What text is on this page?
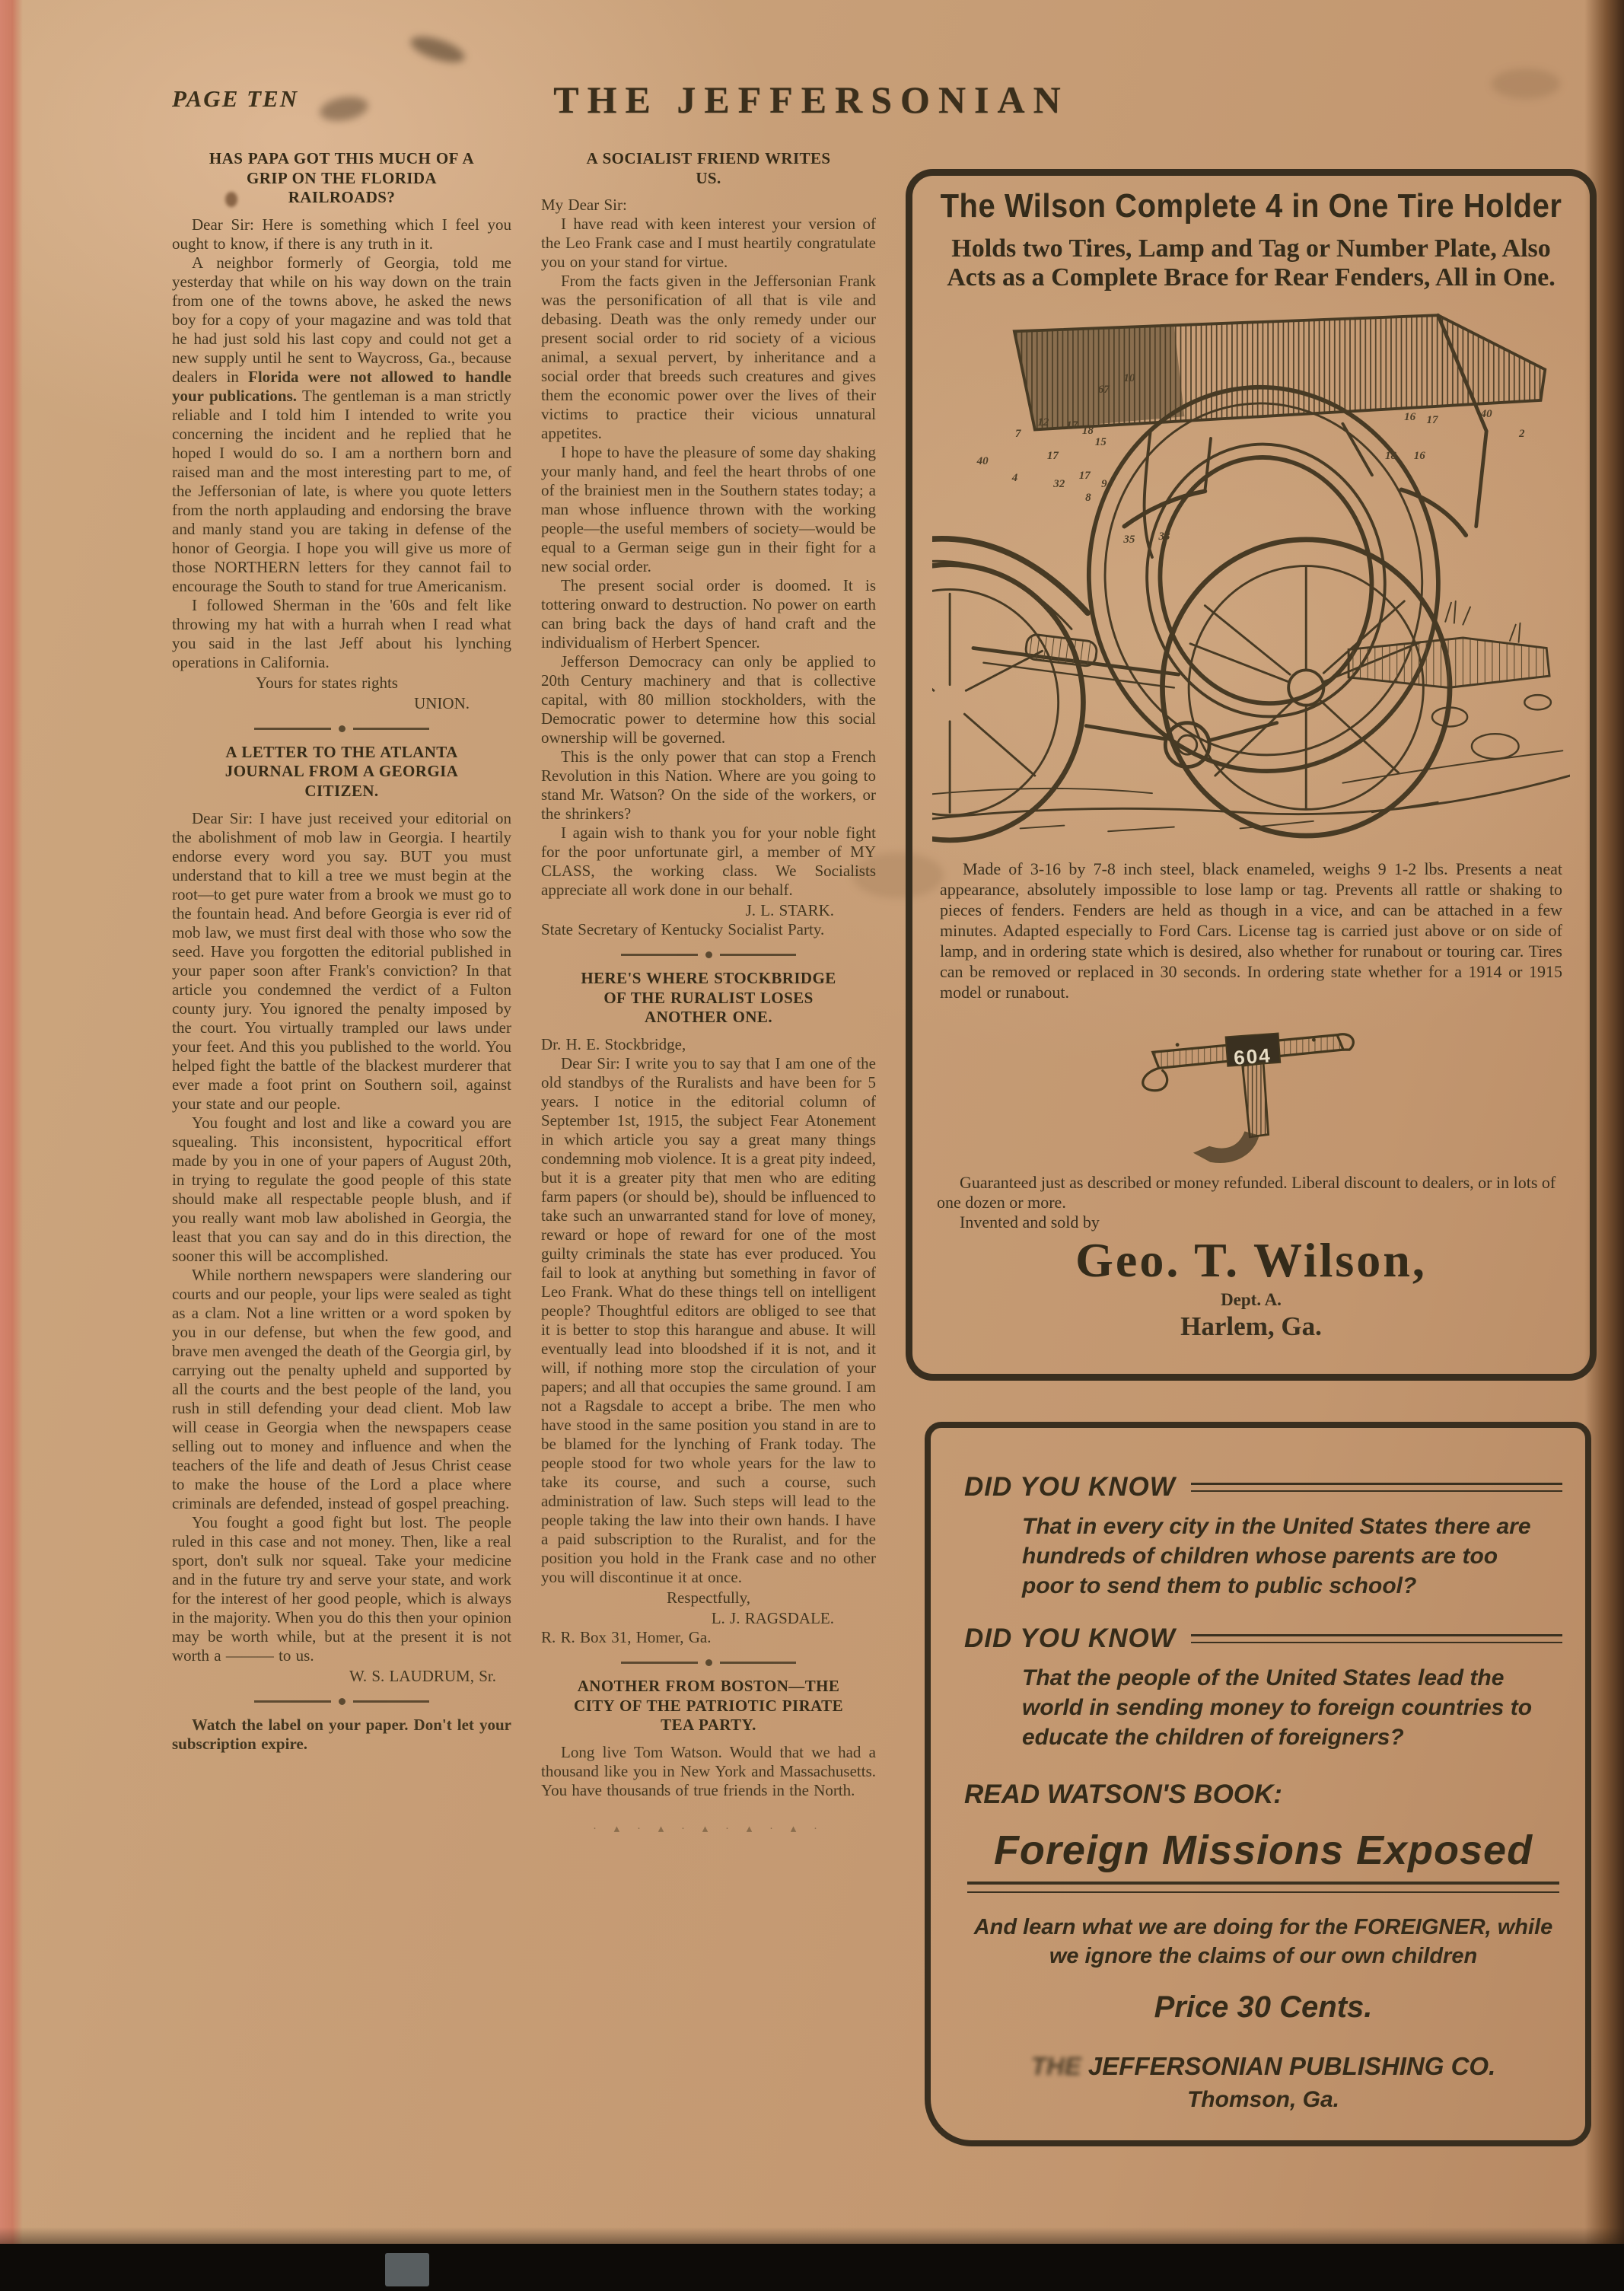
PAGE TEN	THE JEFFERSONIAN
HAS PAPA GOT THIS MUCH OF A GRIP ON THE FLORIDA RAILROADS?

Dear Sir: Here is something which I feel you ought to know, if there is any truth in it.

A neighbor formerly of Georgia, told me yesterday that while on his way down on the train from one of the towns above, he asked the news boy for a copy of your magazine and was told that he had just sold his last copy and could not get a new supply until he sent to Waycross, Ga., because dealers in Florida were not allowed to handle your publications. The gentleman is a man strictly reliable and I told him I intended to write you concerning the incident and he replied that he hoped I would do so. I am a northern born and raised man and the most interesting part to me, of the Jeffersonian of late, is where you quote letters from the north applauding and endorsing the brave and manly stand you are taking in defense of the honor of Georgia. I hope you will give us more of those NORTHERN letters for they cannot fail to encourage the South to stand for true Americanism.

I followed Sherman in the '60s and felt like throwing my hat with a hurrah when I read what you said in the last Jeff about his lynching operations in California.

Yours for states rights

UNION.

A LETTER TO THE ATLANTA JOURNAL FROM A GEORGIA CITIZEN.

Dear Sir: I have just received your editorial on the abolishment of mob law in Georgia. I heartily endorse every word you say. BUT you must understand that to kill a tree we must begin at the root—to get pure water from a brook we must go to the fountain head. And before Georgia is ever rid of mob law, we must first deal with those who sow the seed. Have you forgotten the editorial published in your paper soon after Frank's conviction? In that article you condemned the verdict of a Fulton county jury. You ignored the penalty imposed by the court. You virtually trampled our laws under your feet. And this you published to the world. You helped fight the battle of the blackest murderer that ever made a foot print on Southern soil, against your state and our people.

You fought and lost and like a coward you are squealing. This inconsistent, hypocritical effort made by you in one of your papers of August 20th, in trying to regulate the good people of this state should make all respectable people blush, and if you really want mob law abolished in Georgia, the least that you can say and do in this direction, the sooner this will be accomplished.

While northern newspapers were slandering our courts and our people, your lips were sealed as tight as a clam. Not a line written or a word spoken by you in our defense, but when the few good, and brave men avenged the death of the Georgia girl, by carrying out the penalty upheld and supported by all the courts and the best people of the land, you rush in still defending your dead client. Mob law will cease in Georgia when the newspapers cease selling out to money and influence and when the teachers of the life and death of Jesus Christ cease to make the house of the Lord a place where criminals are defended, instead of gospel preaching.

You fought a good fight but lost. The people ruled in this case and not money. Then, like a real sport, don't sulk nor squeal. Take your medicine and in the future try and serve your state, and work for the interest of her good people, which is always in the majority. When you do this then your opinion may be worth while, but at the present it is not worth a ——— to us.

W. S. LAUDRUM, Sr.

Watch the label on your paper. Don't let your subscription expire.

A SOCIALIST FRIEND WRITES US.

My Dear Sir:

I have read with keen interest your version of the Leo Frank case and I must heartily congratulate you on your stand for virtue.

From the facts given in the Jeffersonian Frank was the personification of all that is vile and debasing. Death was the only remedy under our present social order to rid society of a vicious animal, a sexual pervert, by inheritance and a social order that breeds such creatures and gives them the economic power over the lives of their victims to practice their vicious unnatural appetites.

I hope to have the pleasure of some day shaking your manly hand, and feel the heart throbs of one of the brainiest men in the Southern states today; a man whose influence thrown with the working people—the useful members of society—would be equal to a German seige gun in their fight for a new social order.

The present social order is doomed. It is tottering onward to destruction. No power on earth can bring back the days of hand craft and the individualism of Herbert Spencer.

Jefferson Democracy can only be applied to 20th Century machinery and that is collective capital, with 80 million stockholders, with the Democratic power to determine how this social ownership will be governed.

This is the only power that can stop a French Revolution in this Nation. Where are you going to stand Mr. Watson? On the side of the workers, or the shrinkers?

I again wish to thank you for your noble fight for the poor unfortunate girl, a member of MY CLASS, the working class. We Socialists appreciate all work done in our behalf.

J. L. STARK.

State Secretary of Kentucky Socialist Party.

HERE'S WHERE STOCKBRIDGE OF THE RURALIST LOSES ANOTHER ONE.

Dr. H. E. Stockbridge,

Dear Sir: I write you to say that I am one of the old standbys of the Ruralists and have been for 5 years. I notice in the editorial column of September 1st, 1915, the subject Fear Atonement in which article you say a great many things condemning mob violence. It is a great pity indeed, but it is a greater pity that men who are editing farm papers (or should be), should be influenced to take such an unwarranted stand for love of money, reward or hope of reward for one of the most guilty criminals the state has ever produced. You fail to look at anything but something in favor of Leo Frank. What do these things tell on intelligent people? Thoughtful editors are obliged to see that it is better to stop this harangue and abuse. It will eventually lead into bloodshed if it is not, and it will, if nothing more stop the circulation of your papers; and all that occupies the same ground. I am not a Ragsdale to accept a bribe. The men who have stood in the same position you stand in are to be blamed for the lynching of Frank today. The people stood for two whole years for the law to take its course, and such a course, such administration of law. Such steps will lead to the people taking the law into their own hands. I have a paid subscription to the Ruralist, and for the position you hold in the Frank case and no other you will discontinue it at once.

Respectfully,

L. J. RAGSDALE.

R. R. Box 31, Homer, Ga.

ANOTHER FROM BOSTON—THE CITY OF THE PATRIOTIC PIRATE TEA PARTY.

Long live Tom Watson. Would that we had a thousand like you in New York and Massachusetts. You have thousands of true friends in the North.

· ▴ · ▴ · ▴ · ▴ · ▴ ·
The Wilson Complete 4 in One Tire Holder
Holds two Tires, Lamp and Tag or Number Plate, Also Acts as a Complete Brace for Rear Fenders, All in One.
67
10
7
12 17 18
15
17
16 17	40
2
18 16
40
4	32
17
9
8
35 33

Made of 3-16 by 7-8 inch steel, black enameled, weighs 9 1-2 lbs. Presents a neat appearance, absolutely impossible to lose lamp or tag. Prevents all rattle or shaking to pieces of fenders. Fenders are held as though in a vice, and can be attached in a few minutes. Adapted especially to Ford Cars. License tag is carried just above or on side of lamp, and in ordering state which is desired, also whether for runabout or touring car. Tires can be removed or replaced in 30 seconds. In ordering state whether for a 1914 or 1915 model or runabout.

604

Guaranteed just as described or money refunded. Liberal discount to dealers, or in lots of one dozen or more.

Invented and sold by

Geo. T. Wilson,
Dept. A.
Harlem, Ga.
DID YOU KNOW
That in every city in the United States there are hundreds of children whose parents are too poor to send them to public school?
DID YOU KNOW
That the people of the United States lead the world in sending money to foreign countries to educate the children of foreigners?
READ WATSON'S BOOK:
Foreign Missions Exposed
And learn what we are doing for the FOREIGNER, while we ignore the claims of our own children
Price 30 Cents.
THE JEFFERSONIAN PUBLISHING CO.
Thomson, Ga.
